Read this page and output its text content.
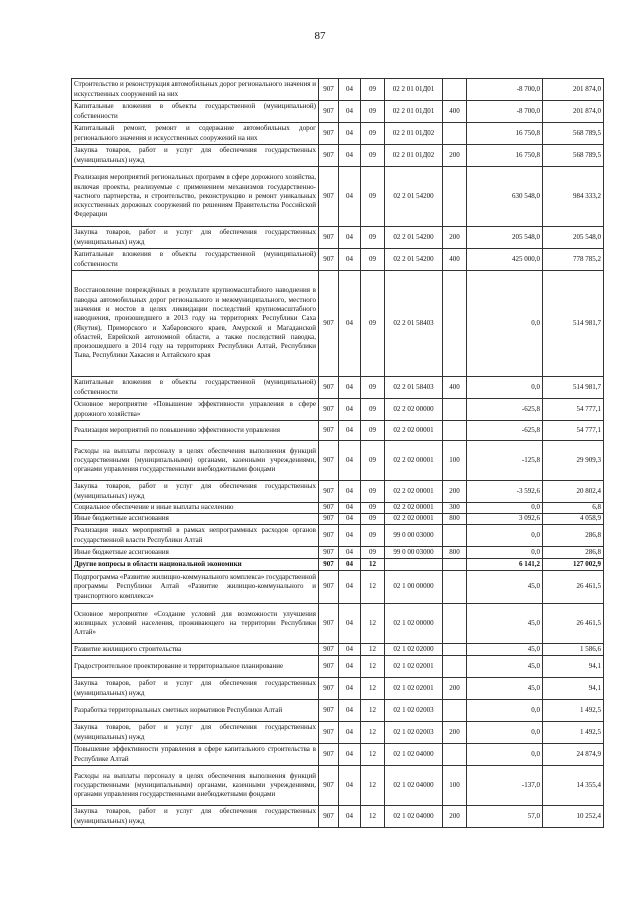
87
Строительство и реконструкция автомобильных дорог регионального значения и искусственных сооружений на них	907	04	09	02 2 01 01Д01		-8 700,0	201 874,0
Капитальные вложения в объекты государственной (муниципальной) собственности	907	04	09	02 2 01 01Д01	400	-8 700,0	201 874,0
Капитальный ремонт, ремонт и содержание автомобильных дорог регионального значения и искусственных сооружений на них	907	04	09	02 2 01 01Д02		16 750,8	568 789,5
Закупка товаров, работ и услуг для обеспечения государственных (муниципальных) нужд	907	04	09	02 2 01 01Д02	200	16 750,8	568 789,5
Реализация мероприятий региональных программ в сфере дорожного хозяйства, включая проекты, реализуемые с применением механизмов государственно-частного партнерства, и строительство, реконструкцию и ремонт уникальных искусственных дорожных сооружений по решениям Правительства Российской Федерации	907	04	09	02 2 01 54200		630 548,0	984 333,2
Закупка товаров, работ и услуг для обеспечения государственных (муниципальных) нужд	907	04	09	02 2 01 54200	200	205 548,0	205 548,0
Капитальные вложения в объекты государственной (муниципальной) собственности	907	04	09	02 2 01 54200	400	425 000,0	778 785,2
Восстановление повреждённых в результате крупномасштабного наводнения в паводка автомобильных дорог регионального и межмуниципального, местного значения и мостов в целях ликвидации последствий крупномасштабного наводнения, произошедшего в 2013 году на территориях Республики Саха (Якутия), Приморского и Хабаровского краев, Амурской и Магаданской областей, Еврейской автономной области, а также последствий паводка, произошедшего в 2014 году на территориях Республики Алтай, Республики Тыва, Республики Хакасия и Алтайского края	907	04	09	02 2 01 58403		0,0	514 981,7
Капитальные вложения в объекты государственной (муниципальной) собственности	907	04	09	02 2 01 58403	400	0,0	514 981,7
Основное мероприятие «Повышение эффективности управления в сфере дорожного хозяйства»	907	04	09	02 2 02 00000		-625,8	54 777,1
Реализация мероприятий по повышению эффективности управления	907	04	09	02 2 02 00001		-625,8	54 777,1
Расходы на выплаты персоналу в целях обеспечения выполнения функций государственными (муниципальными) органами, казенными учреждениями, органами управления государственными внебюджетными фондами	907	04	09	02 2 02 00001	100	-125,8	29 909,3
Закупка товаров, работ и услуг для обеспечения государственных (муниципальных) нужд	907	04	09	02 2 02 00001	200	-3 592,6	20 802,4
Социальное обеспечение и иные выплаты населению	907	04	09	02 2 02 00001	300	0,0	6,8
Иные бюджетные ассигнования	907	04	09	02 2 02 00001	800	3 092,6	4 058,9
Реализация иных мероприятий в рамках непрограммных расходов органов государственной власти Республики Алтай	907	04	09	99 0 00 03000		0,0	286,8
Иные бюджетные ассигнования	907	04	09	99 0 00 03000	800	0,0	286,8
Другие вопросы в области национальной экономики	907	04	12			6 141,2	127 002,9
Подпрограмма «Развитие жилищно-коммунального комплекса» государственной программы Республики Алтай «Развитие жилищно-коммунального и транспортного комплекса»	907	04	12	02 1 00 00000		45,0	26 461,5
Основное мероприятие «Создание условий для возможности улучшения жилищных условий населения, проживающего на территории Республики Алтай»	907	04	12	02 1 02 00000		45,0	26 461,5
Развитие жилищного строительства	907	04	12	02 1 02 02000		45,0	1 586,6
Градостроительное проектирование и территориальное планирование	907	04	12	02 1 02 02001		45,0	94,1
Закупка товаров, работ и услуг для обеспечения государственных (муниципальных) нужд	907	04	12	02 1 02 02001	200	45,0	94,1
Разработка территориальных сметных нормативов Республики Алтай	907	04	12	02 1 02 02003		0,0	1 492,5
Закупка товаров, работ и услуг для обеспечения государственных (муниципальных) нужд	907	04	12	02 1 02 02003	200	0,0	1 492,5
Повышение эффективности управления в сфере капитального строительства в Республике Алтай	907	04	12	02 1 02 04000		0,0	24 874,9
Расходы на выплаты персоналу в целях обеспечения выполнения функций государственными (муниципальными) органами, казенными учреждениями, органами управления государственными внебюджетными фондами	907	04	12	02 1 02 04000	100	-137,0	14 355,4
Закупка товаров, работ и услуг для обеспечения государственных (муниципальных) нужд	907	04	12	02 1 02 04000	200	57,0	10 252,4
